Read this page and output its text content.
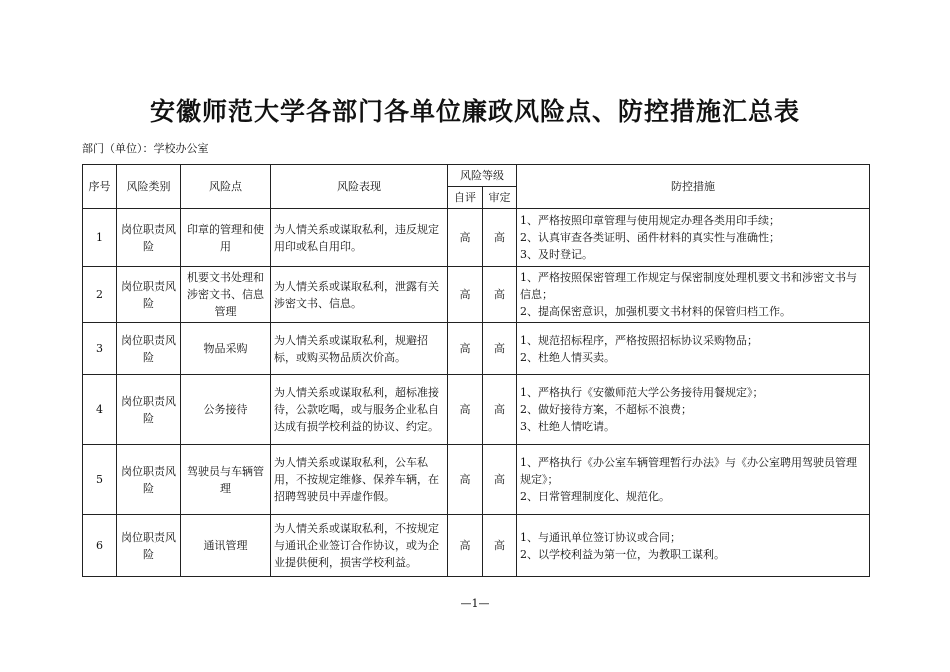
安徽师范大学各部门各单位廉政风险点、防控措施汇总表
部门（单位）：学校办公室
序号	风险类别	风险点	风险表现	风险等级		防控措施
				自评	审定	
1	岗位职责风险	印章的管理和使用	为人情关系或谋取私利，违反规定用印或私自用印。	高	高	1、严格按照印章管理与使用规定办理各类用印手续；
2、认真审查各类证明、函件材料的真实性与准确性；
3、及时登记。

2	岗位职责风险	机要文书处理和涉密文书、信息管理	为人情关系或谋取私利，泄露有关涉密文书、信息。	高	高	1、严格按照保密管理工作规定与保密制度处理机要文书和涉密文书与信息；
2、提高保密意识，加强机要文书材料的保管归档工作。

3	岗位职责风险	物品采购	为人情关系或谋取私利，规避招标，或购买物品质次价高。	高	高	1、规范招标程序，严格按照招标协议采购物品；
2、杜绝人情买卖。

4	岗位职责风险	公务接待	为人情关系或谋取私利，超标准接待，公款吃喝，或与服务企业私自达成有损学校利益的协议、约定。	高	高	1、严格执行《安徽师范大学公务接待用餐规定》；
2、做好接待方案，不超标不浪费；
3、杜绝人情吃请。

5	岗位职责风险	驾驶员与车辆管理	为人情关系或谋取私利，公车私用，不按规定维修、保养车辆，在招聘驾驶员中弄虚作假。	高	高	1、严格执行《办公室车辆管理暂行办法》与《办公室聘用驾驶员管理规定》；
2、日常管理制度化、规范化。

6	岗位职责风险	通讯管理	为人情关系或谋取私利，不按规定与通讯企业签订合作协议，或为企业提供便利，损害学校利益。	高	高	1、与通讯单位签订协议或合同；
2、以学校利益为第一位，为教职工谋利。
—1—
